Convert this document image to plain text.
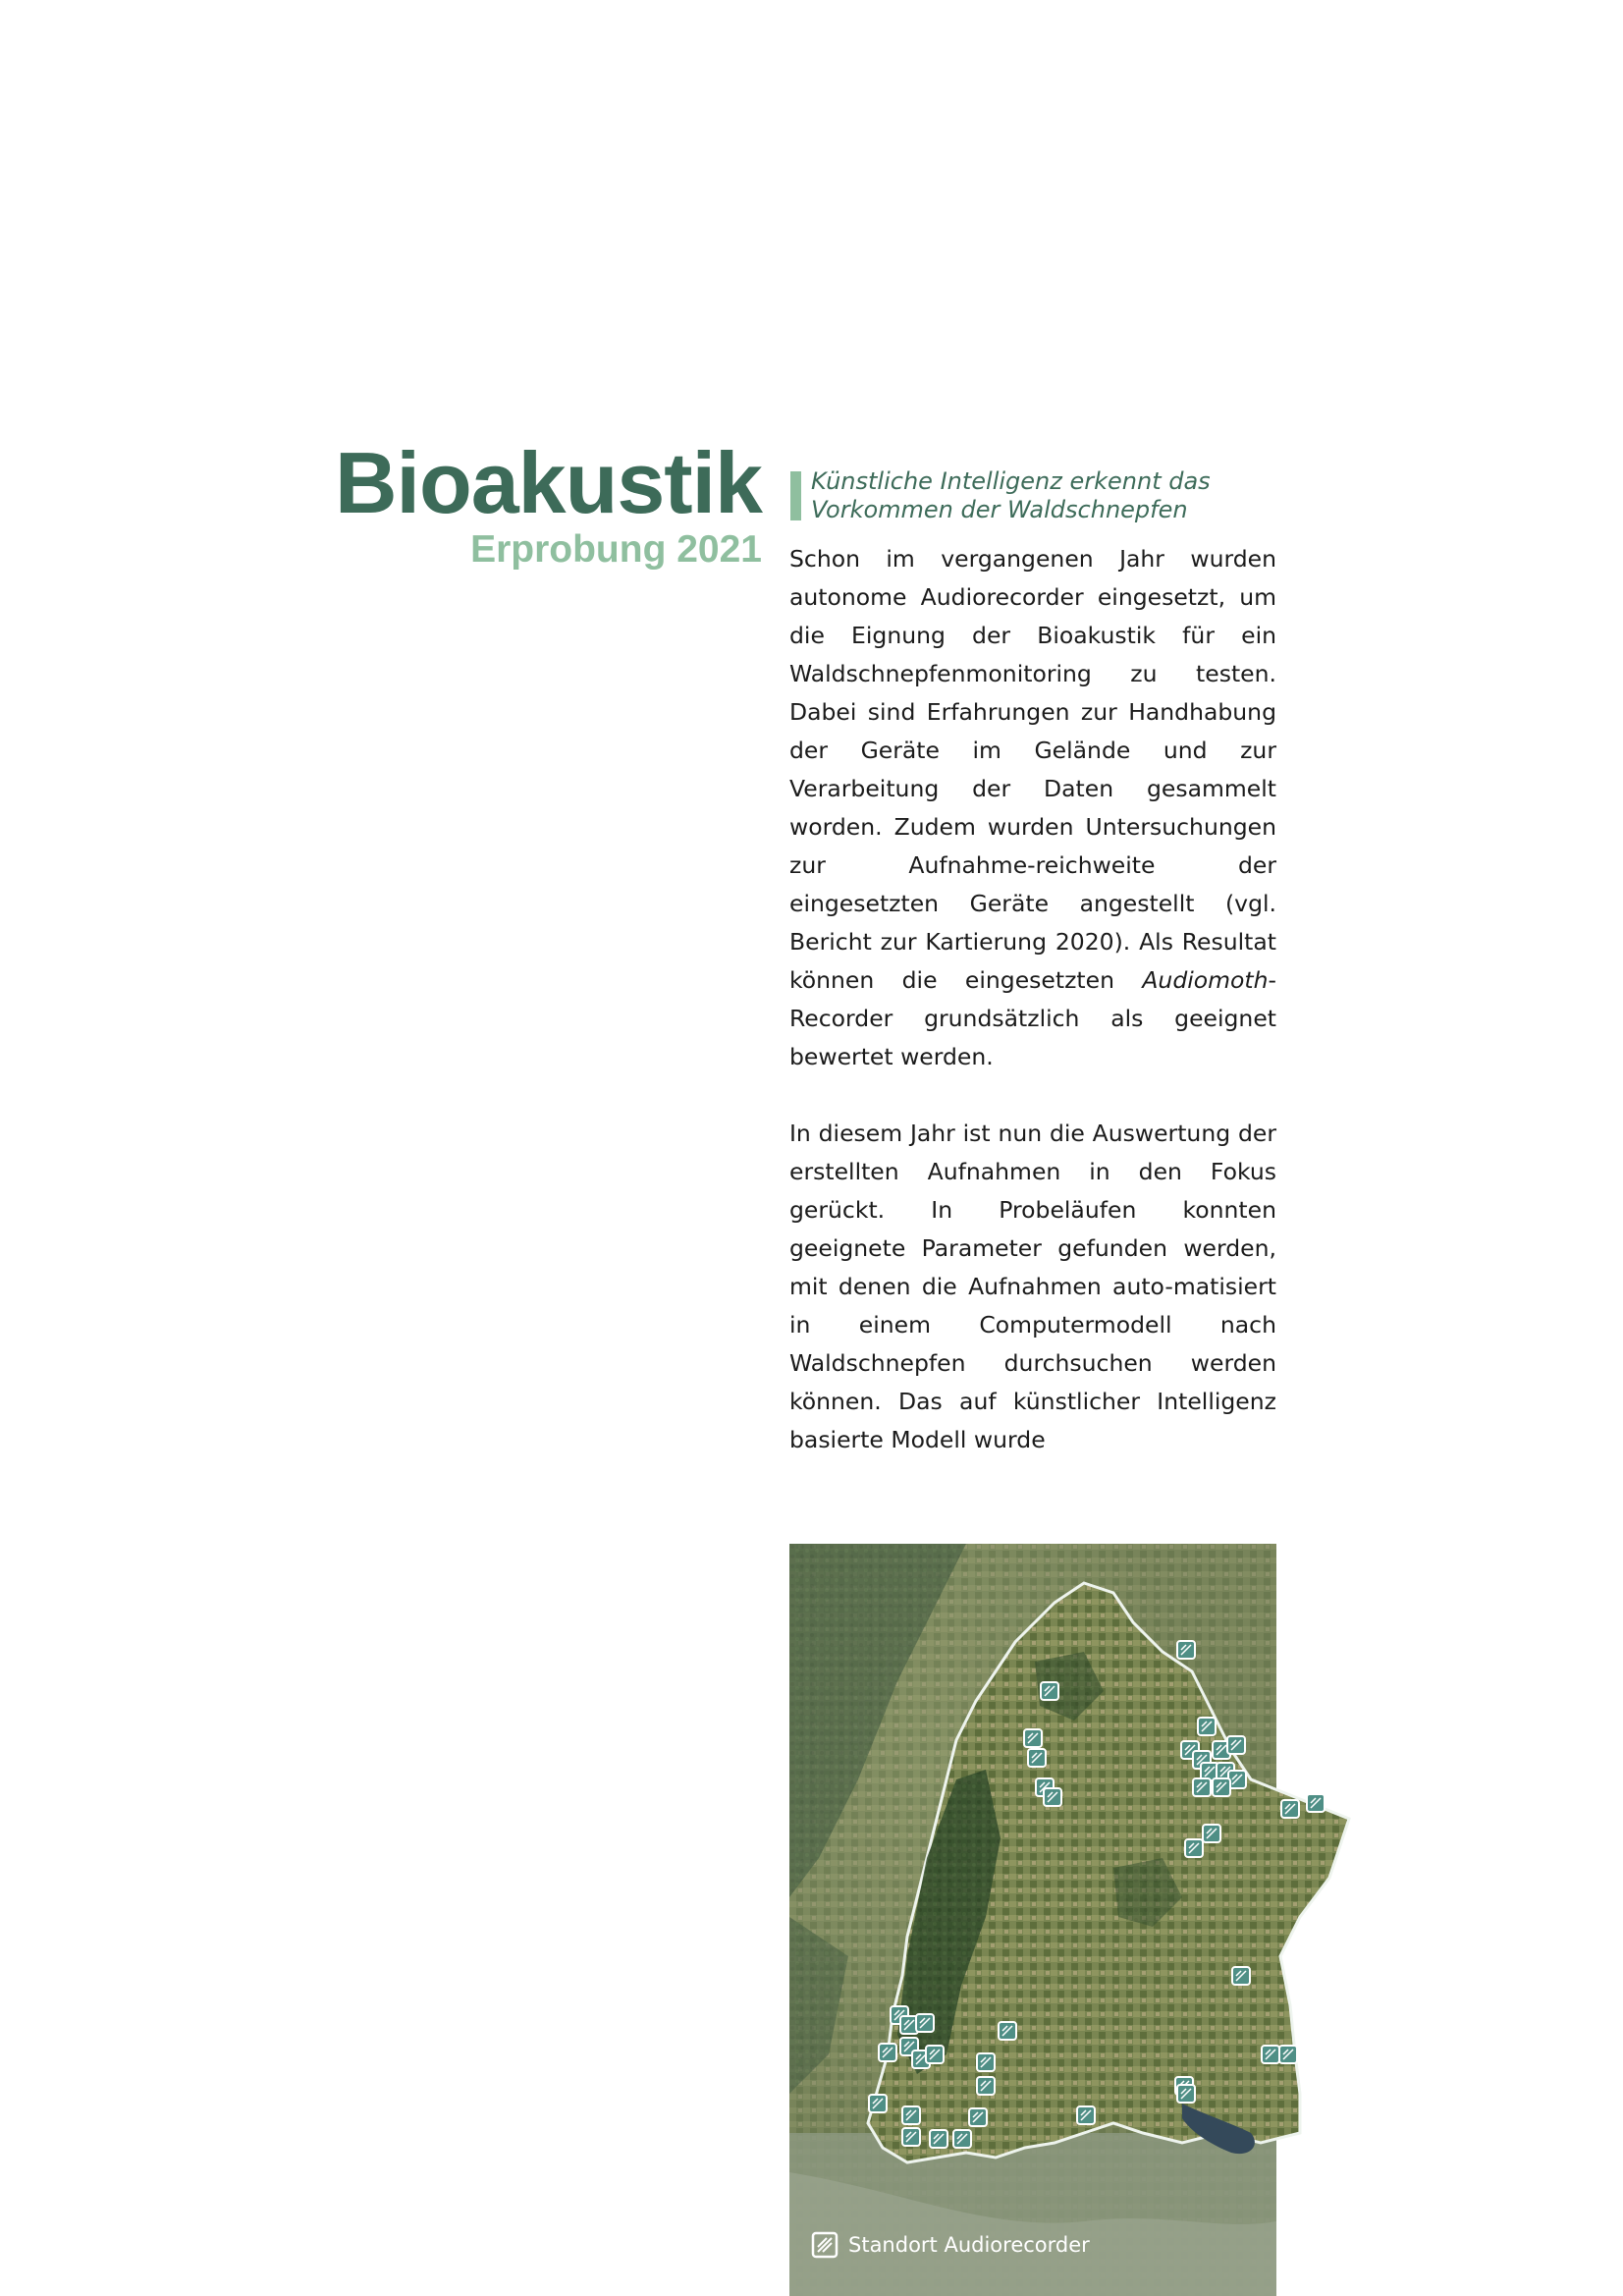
Bioakustik
Erprobung 2021
Künstliche Intelligenz erkennt das
Vorkommen der Waldschnepfen

Schon im vergangenen Jahr wurden autonome Audiorecorder eingesetzt, um die Eignung der Bioakustik für ein Waldschnepfenmonitoring zu testen. Dabei sind Erfahrungen zur Handhabung der Geräte im Gelände und zur Verarbeitung der Daten gesammelt worden. Zudem wurden Untersuchungen zur Aufnahme-reichweite der eingesetzten Geräte angestellt (vgl. Bericht zur Kartierung 2020). Als Resultat können die eingesetzten Audiomoth-Recorder grundsätzlich als geeignet bewertet werden.

In diesem Jahr ist nun die Auswertung der erstellten Aufnahmen in den Fokus gerückt. In Probeläufen konnten geeignete Parameter gefunden werden, mit denen die Aufnahmen auto-matisiert in einem Computermodell nach Waldschnepfen durchsuchen werden können. Das auf künstlicher Intelligenz basierte Modell wurde

Standort Audiorecorder
